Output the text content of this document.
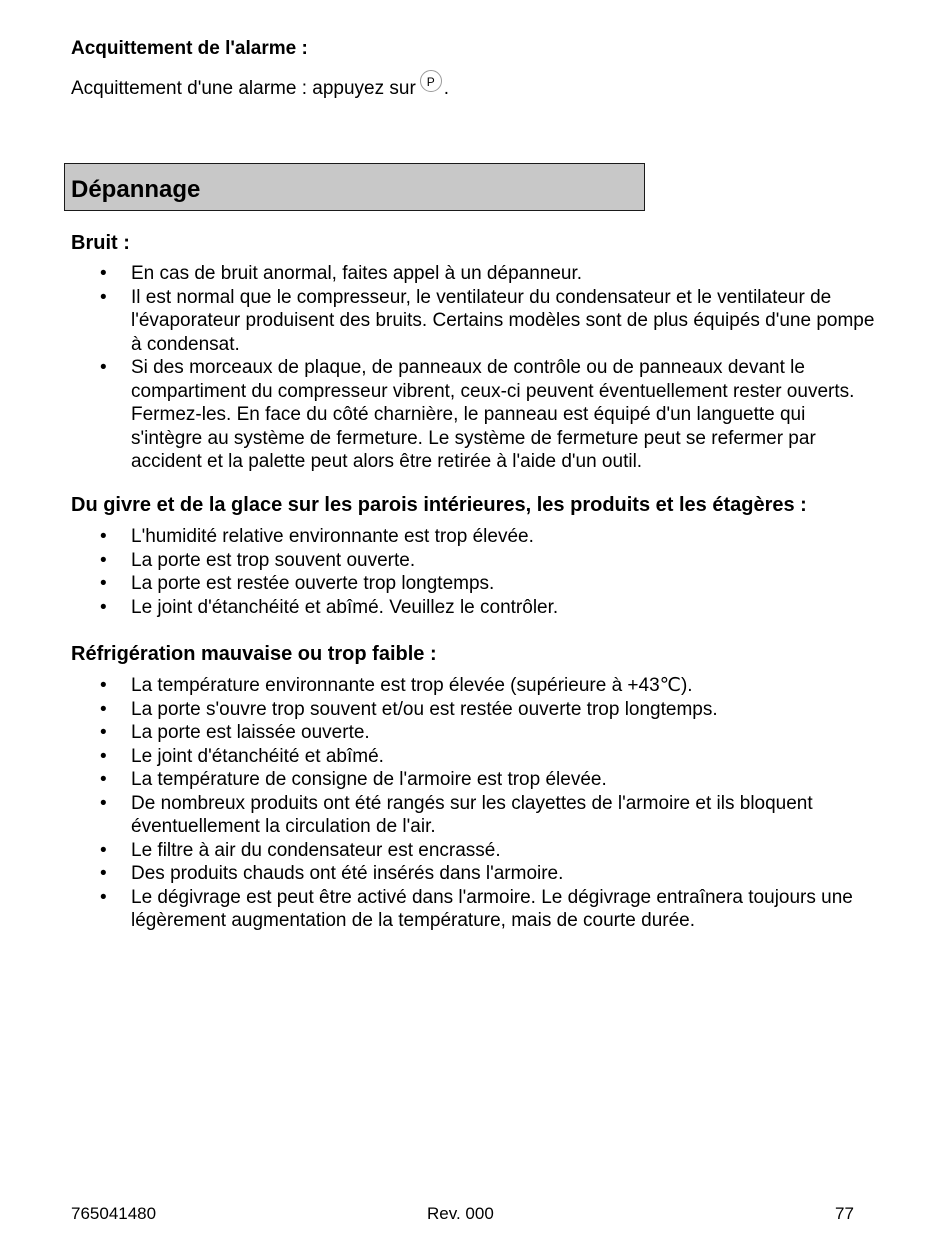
Acquittement de l'alarme :
Acquittement d'une alarme : appuyez sur P .
Dépannage
Bruit :
• En cas de bruit anormal, faites appel à un dépanneur.
• Il est normal que le compresseur, le ventilateur du condensateur et le ventilateur de l'évaporateur produisent des bruits. Certains modèles sont de plus équipés d'une pompe à condensat.
• Si des morceaux de plaque, de panneaux de contrôle ou de panneaux devant le compartiment du compresseur vibrent, ceux-ci peuvent éventuellement rester ouverts. Fermez-les. En face du côté charnière, le panneau est équipé d'un languette qui s'intègre au système de fermeture. Le système de fermeture peut se refermer par accident et la palette peut alors être retirée à l'aide d'un outil.
Du givre et de la glace sur les parois intérieures, les produits et les étagères :
• L'humidité relative environnante est trop élevée.
• La porte est trop souvent ouverte.
• La porte est restée ouverte trop longtemps.
• Le joint d'étanchéité et abîmé. Veuillez le contrôler.
Réfrigération mauvaise ou trop faible :
• La température environnante est trop élevée (supérieure à +43℃).
• La porte s'ouvre trop souvent et/ou est restée ouverte trop longtemps.
• La porte est laissée ouverte.
• Le joint d'étanchéité et abîmé.
• La température de consigne de l'armoire est trop élevée.
• De nombreux produits ont été rangés sur les clayettes de l'armoire et ils bloquent éventuellement la circulation de l'air.
• Le filtre à air du condensateur est encrassé.
• Des produits chauds ont été insérés dans l'armoire.
• Le dégivrage est peut être activé dans l'armoire. Le dégivrage entraînera toujours une légèrement augmentation de la température, mais de courte durée.
765041480	Rev. 000	77
